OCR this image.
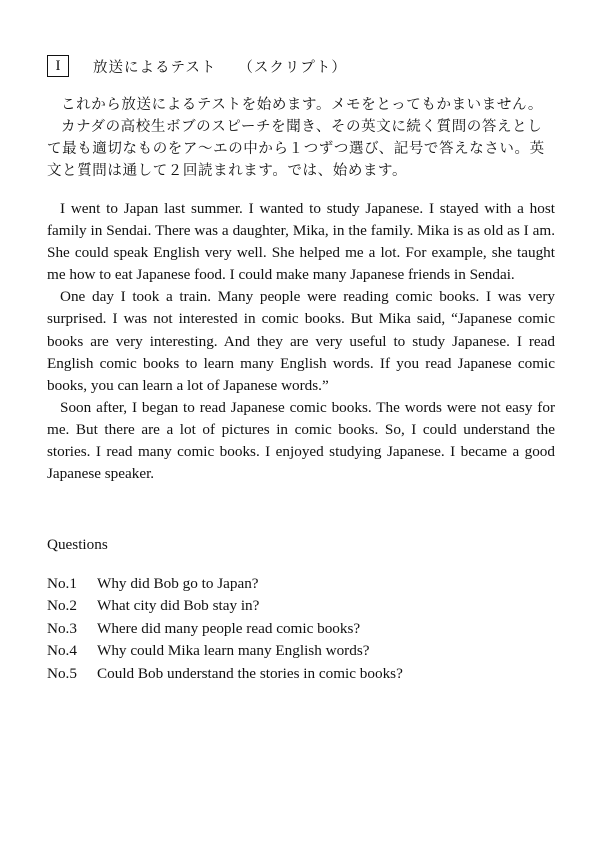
I	放送によるテスト （スクリプト）

これから放送によるテストを始めます。メモをとってもかまいません。

カナダの高校生ボブのスピーチを聞き、その英文に続く質問の答えとして最も適切なものをア～エの中から１つずつ選び、記号で答えなさい。英文と質問は通して２回読まれます。では、始めます。

I went to Japan last summer. I wanted to study Japanese. I stayed with a host family in Sendai. There was a daughter, Mika, in the family. Mika is as old as I am. She could speak English very well. She helped me a lot. For example, she taught me how to eat Japanese food. I could make many Japanese friends in Sendai.

One day I took a train. Many people were reading comic books. I was very surprised. I was not interested in comic books. But Mika said, “Japanese comic books are very interesting. And they are very useful to study Japanese. I read English comic books to learn many English words. If you read Japanese comic books, you can learn a lot of Japanese words.”

Soon after, I began to read Japanese comic books. The words were not easy for me. But there are a lot of pictures in comic books. So, I could understand the stories. I read many comic books. I enjoyed studying Japanese. I became a good Japanese speaker.

Questions
No.1	Why did Bob go to Japan?
No.2	What city did Bob stay in?
No.3	Where did many people read comic books?
No.4	Why could Mika learn many English words?
No.5	Could Bob understand the stories in comic books?
